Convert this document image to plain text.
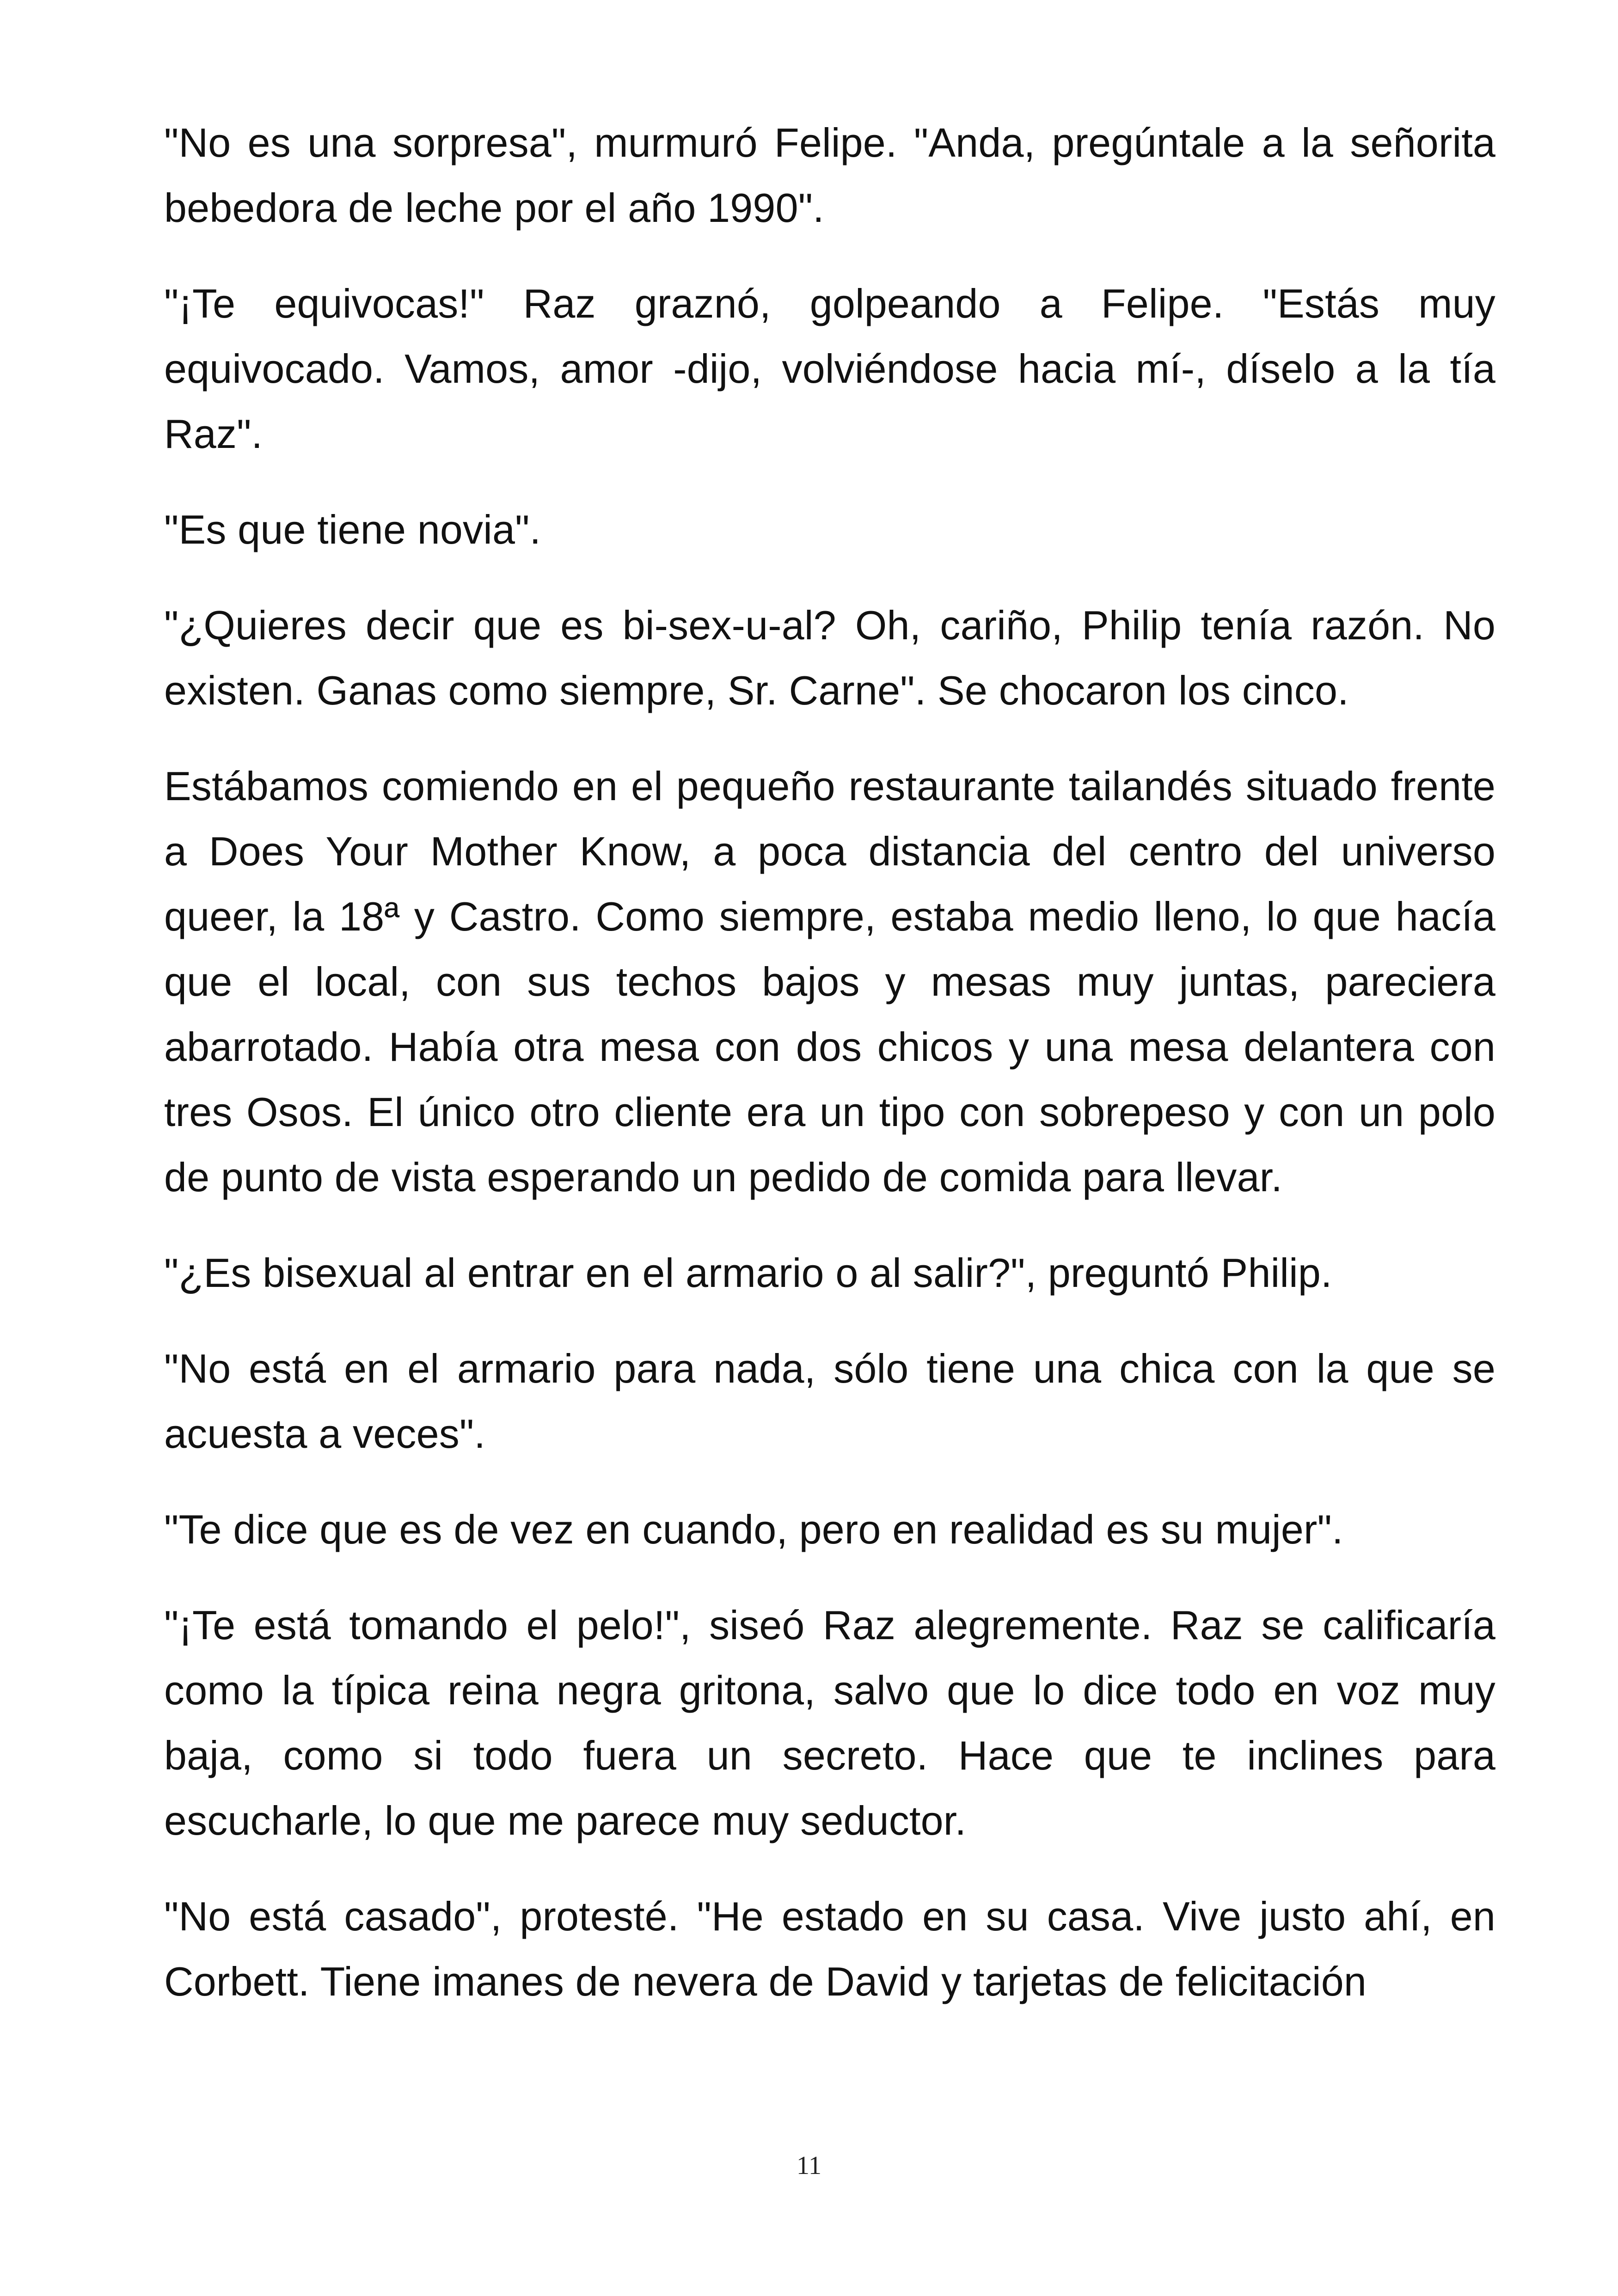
"No es una sorpresa", murmuró Felipe. "Anda, pregúntale a la señorita bebedora de leche por el año 1990".

"¡Te equivocas!" Raz graznó, golpeando a Felipe. "Estás muy equivocado. Vamos, amor -dijo, volviéndose hacia mí-, díselo a la tía Raz".

"Es que tiene novia".

"¿Quieres decir que es bi-sex-u-al? Oh, cariño, Philip tenía razón. No existen. Ganas como siempre, Sr. Carne". Se chocaron los cinco.

Estábamos comiendo en el pequeño restaurante tailandés situado frente a Does Your Mother Know, a poca distancia del centro del universo queer, la 18ª y Castro. Como siempre, estaba medio lleno, lo que hacía que el local, con sus techos bajos y mesas muy juntas, pareciera abarrotado. Había otra mesa con dos chicos y una mesa delantera con tres Osos. El único otro cliente era un tipo con sobrepeso y con un polo de punto de vista esperando un pedido de comida para llevar.

"¿Es bisexual al entrar en el armario o al salir?", preguntó Philip.

"No está en el armario para nada, sólo tiene una chica con la que se acuesta a veces".

"Te dice que es de vez en cuando, pero en realidad es su mujer".

"¡Te está tomando el pelo!", siseó Raz alegremente. Raz se calificaría como la típica reina negra gritona, salvo que lo dice todo en voz muy baja, como si todo fuera un secreto. Hace que te inclines para escucharle, lo que me parece muy seductor.

"No está casado", protesté. "He estado en su casa. Vive justo ahí, en Corbett. Tiene imanes de nevera de David y tarjetas de felicitación

11
